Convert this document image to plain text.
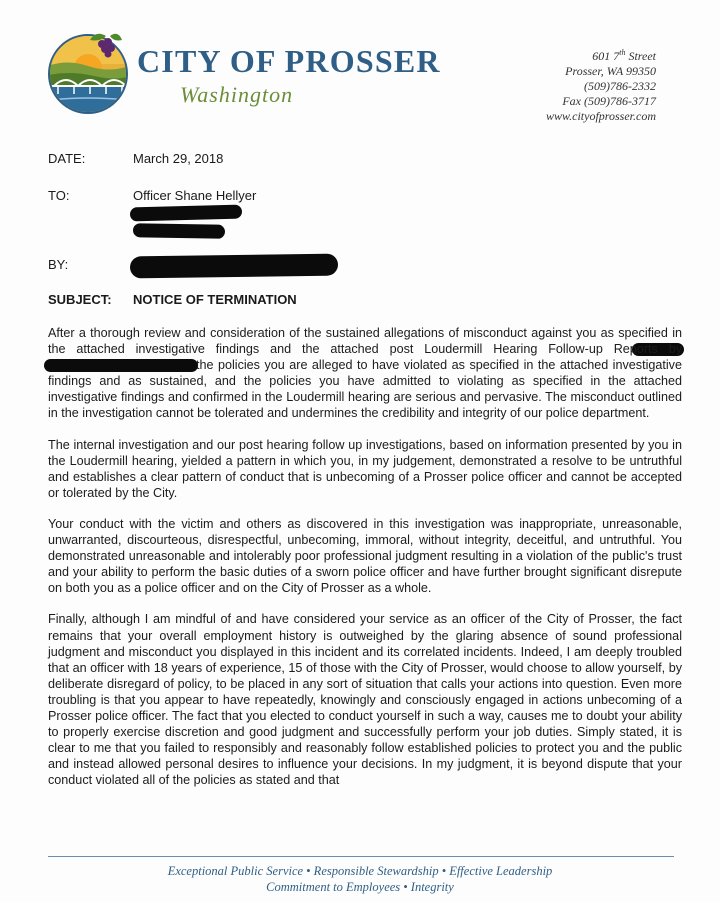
CITY OF PROSSER
Washington
601 7th Street
Prosser, WA 99350
(509)786-2332
Fax (509)786-3717
www.cityofprosser.com
DATE:	March 29, 2018
TO:	Officer Shane Hellyer
BY:
SUBJECT: NOTICE OF TERMINATION

After a thorough review and consideration of the sustained allegations of misconduct against you as specified in the attached investigative findings and the attached post Loudermill Hearing Follow-up Reports bythe policies you are alleged to have violated as specified in the attached investigative findings and as sustained, and the policies you have admitted to violating as specified in the attached investigative findings and confirmed in the Loudermill hearing are serious and pervasive. The misconduct outlined in the investigation cannot be tolerated and undermines the credibility and integrity of our police department.

The internal investigation and our post hearing follow up investigations, based on information presented by you in the Loudermill hearing, yielded a pattern in which you, in my judgement, demonstrated a resolve to be untruthful and establishes a clear pattern of conduct that is unbecoming of a Prosser police officer and cannot be accepted or tolerated by the City.

Your conduct with the victim and others as discovered in this investigation was inappropriate, unreasonable, unwarranted, discourteous, disrespectful, unbecoming, immoral, without integrity, deceitful, and untruthful. You demonstrated unreasonable and intolerably poor professional judgment resulting in a violation of the public's trust and your ability to perform the basic duties of a sworn police officer and have further brought significant disrepute on both you as a police officer and on the City of Prosser as a whole.

Finally, although I am mindful of and have considered your service as an officer of the City of Prosser, the fact remains that your overall employment history is outweighed by the glaring absence of sound professional judgment and misconduct you displayed in this incident and its correlated incidents. Indeed, I am deeply troubled that an officer with 18 years of experience, 15 of those with the City of Prosser, would choose to allow yourself, by deliberate disregard of policy, to be placed in any sort of situation that calls your actions into question. Even more troubling is that you appear to have repeatedly, knowingly and consciously engaged in actions unbecoming of a Prosser police officer. The fact that you elected to conduct yourself in such a way, causes me to doubt your ability to properly exercise discretion and good judgment and successfully perform your job duties. Simply stated, it is clear to me that you failed to responsibly and reasonably follow established policies to protect you and the public and instead allowed personal desires to influence your decisions. In my judgment, it is beyond dispute that your conduct violated all of the policies as stated and that

Exceptional Public Service • Responsible Stewardship • Effective Leadership
Commitment to Employees • Integrity
